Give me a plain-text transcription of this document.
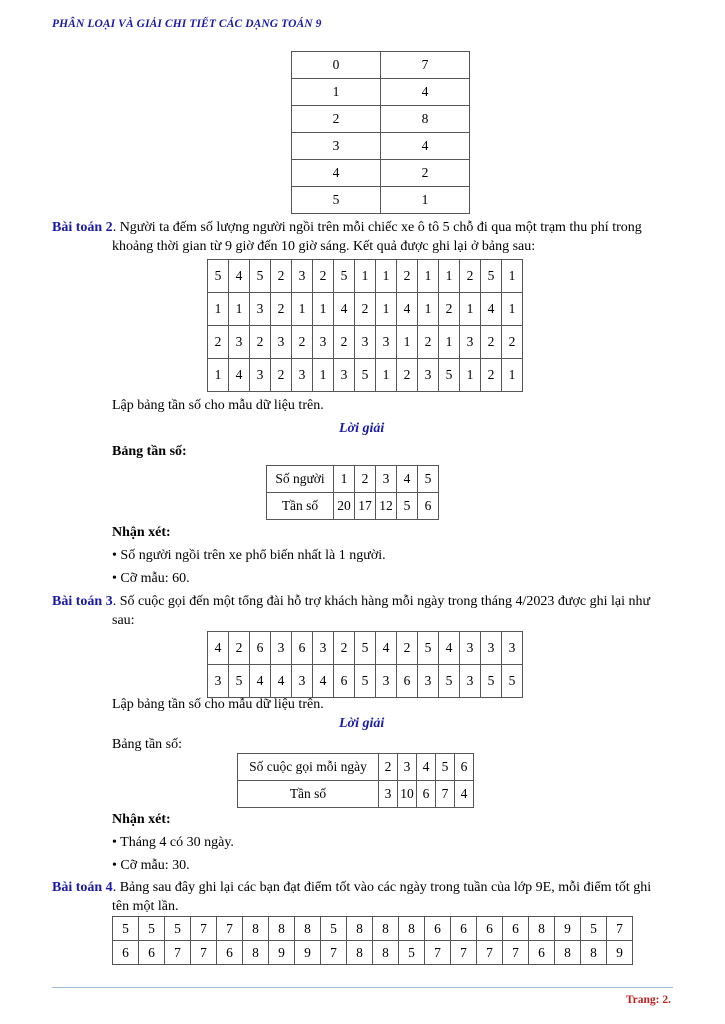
PHÂN LOẠI VÀ GIẢI CHI TIẾT CÁC DẠNG TOÁN 9
0	7
1	4
2	8
3	4
4	2
5	1
Bài toán 2. Người ta đếm số lượng người ngồi trên mỗi chiếc xe ô tô 5 chỗ đi qua một trạm thu phí trong
khoảng thời gian từ 9 giờ đến 10 giờ sáng. Kết quả được ghi lại ở bảng sau:
5	4	5	2	3	2	5	1	1	2	1	1	2	5	1
1	1	3	2	1	1	4	2	1	4	1	2	1	4	1
2	3	2	3	2	3	2	3	3	1	2	1	3	2	2
1	4	3	2	3	1	3	5	1	2	3	5	1	2	1
Lập bảng tần số cho mẫu dữ liệu trên.
Lời giải
Bảng tần số:
Số người	1	2	3	4	5
Tần số	20	17	12	5	6
Nhận xét:
• Số người ngồi trên xe phổ biến nhất là 1 người.
• Cỡ mẫu: 60.
Bài toán 3. Số cuộc gọi đến một tổng đài hỗ trợ khách hàng mỗi ngày trong tháng 4/2023 được ghi lại như
sau:
4	2	6	3	6	3	2	5	4	2	5	4	3	3	3
3	5	4	4	3	4	6	5	3	6	3	5	3	5	5
Lập bảng tần số cho mẫu dữ liệu trên.
Lời giải
Bảng tần số:
Số cuộc gọi mỗi ngày	2	3	4	5	6
Tần số	3	10	6	7	4
Nhận xét:
• Tháng 4 có 30 ngày.
• Cỡ mẫu: 30.
Bài toán 4. Bảng sau đây ghi lại các bạn đạt điểm tốt vào các ngày trong tuần của lớp 9E, mỗi điểm tốt ghi
tên một lần.
5	5	5	7	7	8	8	8	5	8	8	8	6	6	6	6	8	9	5	7
6	6	7	7	6	8	9	9	7	8	8	5	7	7	7	7	6	8	8	9
Trang: 2.
